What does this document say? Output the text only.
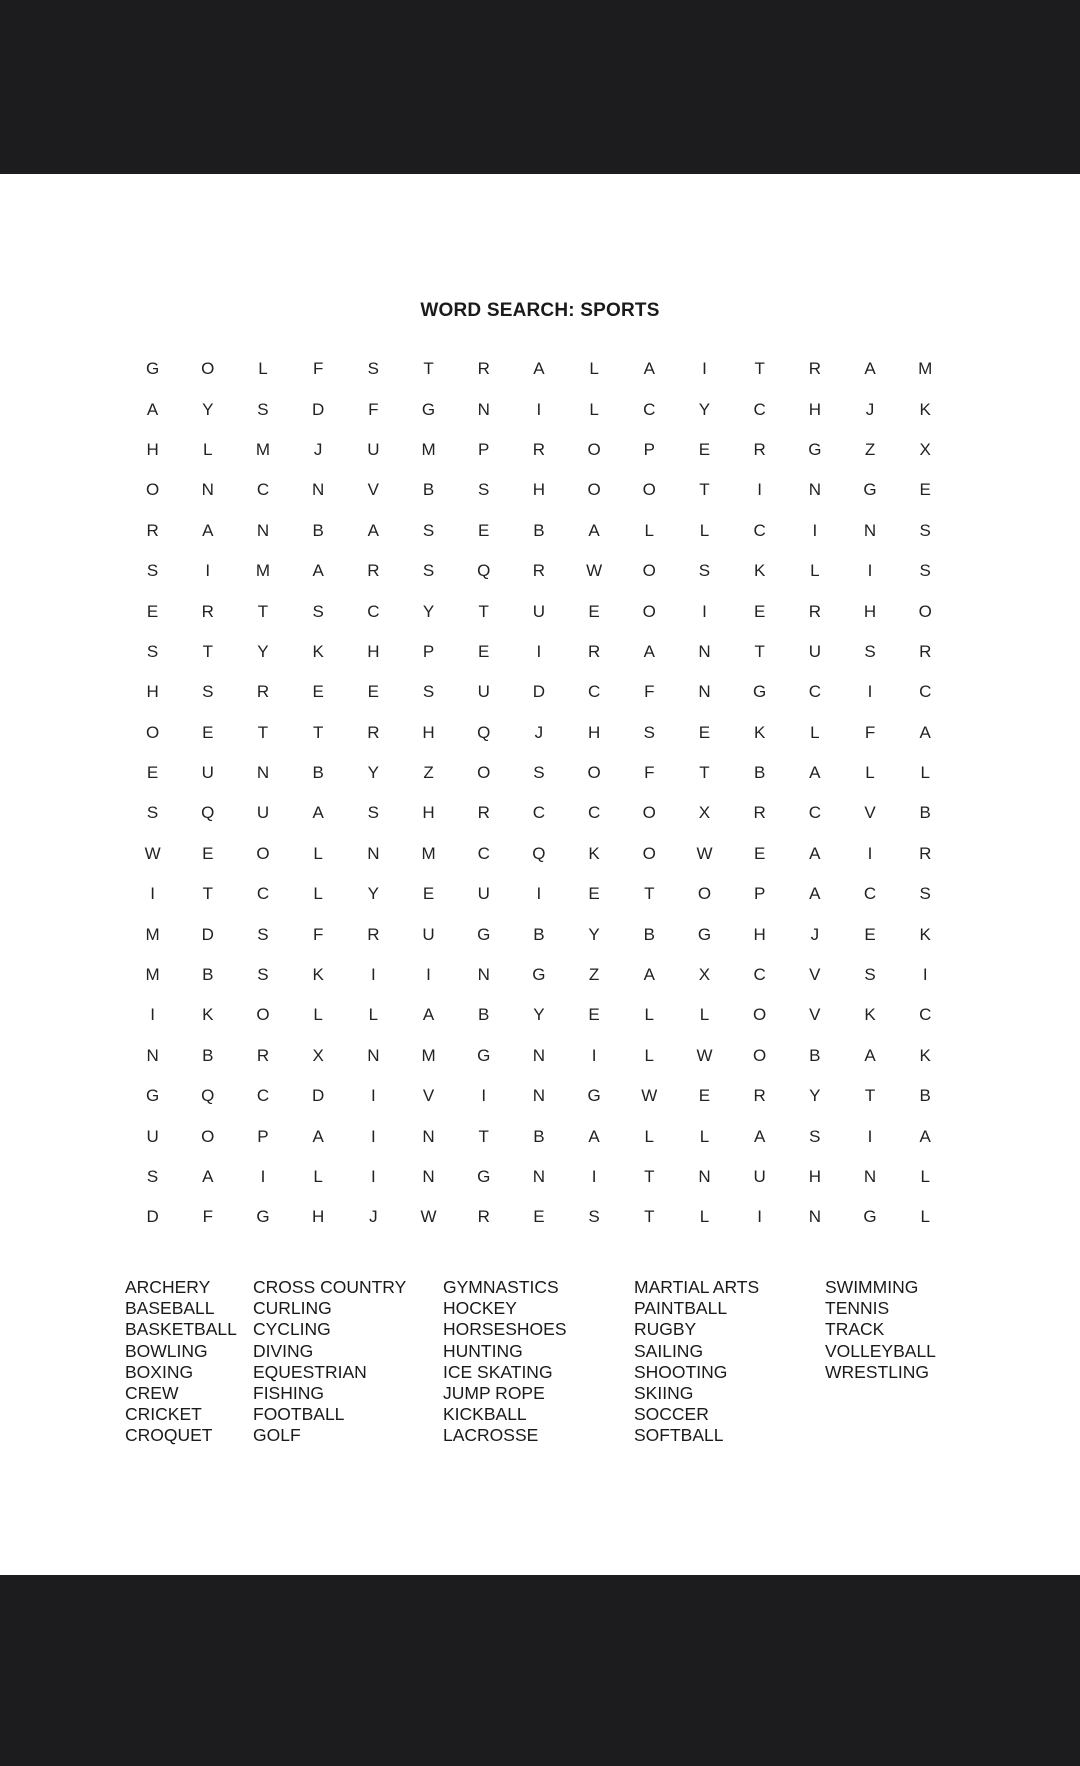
WORD SEARCH: SPORTS
G	O	L	F	S	T	R	A	L	A	I	T	R	A	M
A	Y	S	D	F	G	N	I	L	C	Y	C	H	J	K
H	L	M	J	U	M	P	R	O	P	E	R	G	Z	X
O	N	C	N	V	B	S	H	O	O	T	I	N	G	E
R	A	N	B	A	S	E	B	A	L	L	C	I	N	S
S	I	M	A	R	S	Q	R	W	O	S	K	L	I	S
E	R	T	S	C	Y	T	U	E	O	I	E	R	H	O
S	T	Y	K	H	P	E	I	R	A	N	T	U	S	R
H	S	R	E	E	S	U	D	C	F	N	G	C	I	C
O	E	T	T	R	H	Q	J	H	S	E	K	L	F	A
E	U	N	B	Y	Z	O	S	O	F	T	B	A	L	L
S	Q	U	A	S	H	R	C	C	O	X	R	C	V	B
W	E	O	L	N	M	C	Q	K	O	W	E	A	I	R
I	T	C	L	Y	E	U	I	E	T	O	P	A	C	S
M	D	S	F	R	U	G	B	Y	B	G	H	J	E	K
M	B	S	K	I	I	N	G	Z	A	X	C	V	S	I
I	K	O	L	L	A	B	Y	E	L	L	O	V	K	C
N	B	R	X	N	M	G	N	I	L	W	O	B	A	K
G	Q	C	D	I	V	I	N	G	W	E	R	Y	T	B
U	O	P	A	I	N	T	B	A	L	L	A	S	I	A
S	A	I	L	I	N	G	N	I	T	N	U	H	N	L
D	F	G	H	J	W	R	E	S	T	L	I	N	G	L
ARCHERY
BASEBALL
BASKETBALL
BOWLING
BOXING
CREW
CRICKET
CROQUET
CROSS COUNTRY
CURLING
CYCLING
DIVING
EQUESTRIAN
FISHING
FOOTBALL
GOLF
GYMNASTICS
HOCKEY
HORSESHOES
HUNTING
ICE SKATING
JUMP ROPE
KICKBALL
LACROSSE
MARTIAL ARTS
PAINTBALL
RUGBY
SAILING
SHOOTING
SKIING
SOCCER
SOFTBALL
SWIMMING
TENNIS
TRACK
VOLLEYBALL
WRESTLING
